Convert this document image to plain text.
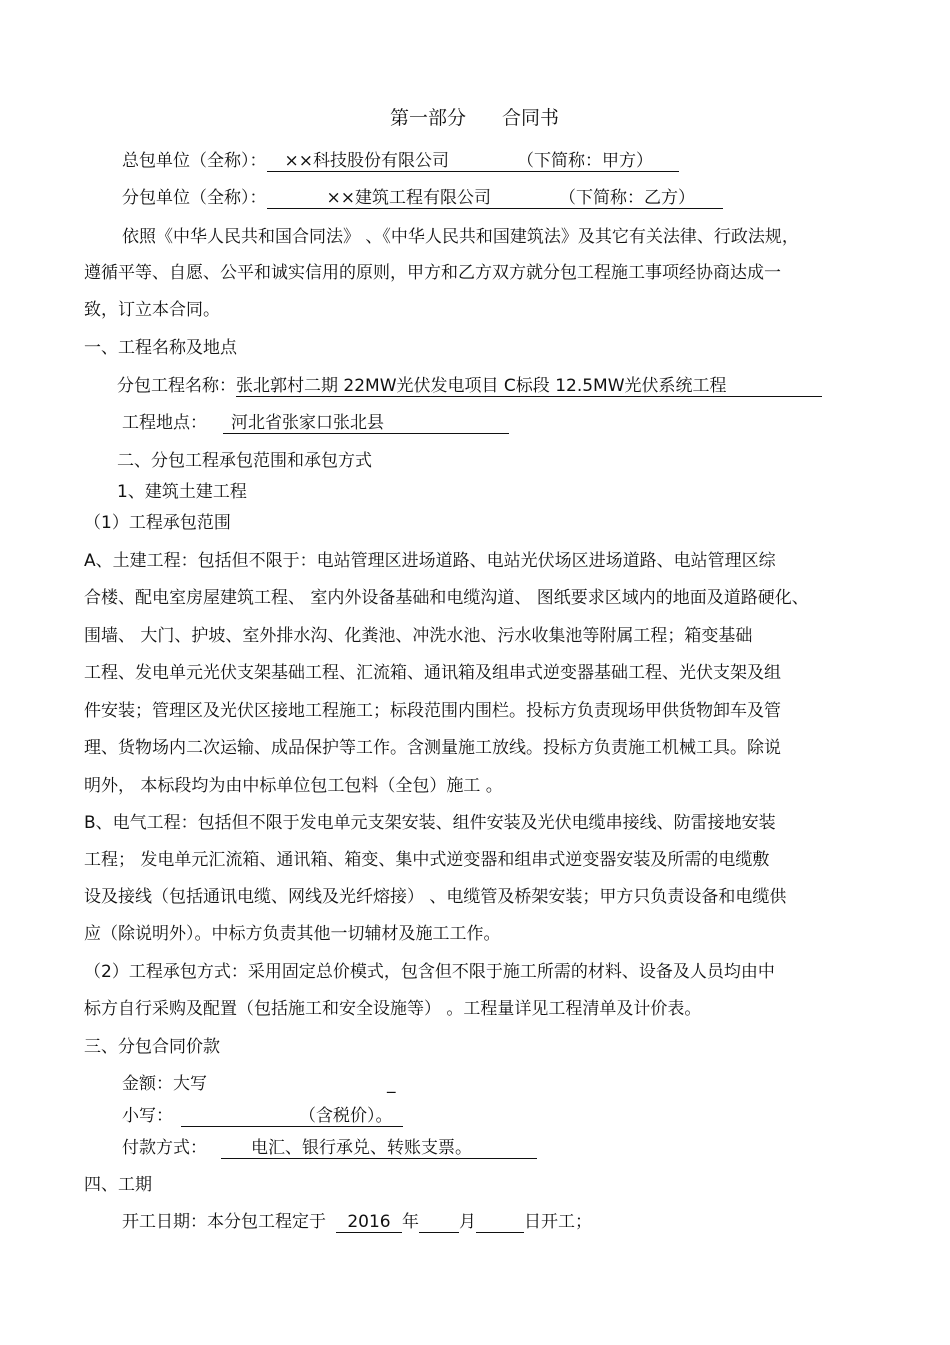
第一部分 合同书
总包单位（全称）： ××科技股份有限公司	（下简称：甲方）
分包单位（全称）：	××建筑工程有限公司	（下简称：乙方）
依照《中华人民共和国合同法》 、《中华人民共和国建筑法》及其它有关法律、行政法规，
遵循平等、自愿、公平和诚实信用的原则，甲方和乙方双方就分包工程施工事项经协商达成一
致，订立本合同。
一、工程名称及地点
分包工程名称：张北郭村二期 22MW光伏发电项目 C标段 12.5MW光伏系统工程
工程地点： 河北省张家口张北县
二、分包工程承包范围和承包方式
1、建筑土建工程
（1）工程承包范围
A、土建工程：包括但不限于：电站管理区进场道路、电站光伏场区进场道路、电站管理区综
合楼、配电室房屋建筑工程、 室内外设备基础和电缆沟道、 图纸要求区域内的地面及道路硬化、
围墙、 大门、护坡、室外排水沟、化粪池、冲洗水池、污水收集池等附属工程；箱变基础
工程、发电单元光伏支架基础工程、汇流箱、通讯箱及组串式逆变器基础工程、光伏支架及组
件安装；管理区及光伏区接地工程施工；标段范围内围栏。投标方负责现场甲供货物卸车及管
理、货物场内二次运输、成品保护等工作。含测量施工放线。投标方负责施工机械工具。除说
明外， 本标段均为由中标单位包工包料（全包）施工 。
B、电气工程：包括但不限于发电单元支架安装、组件安装及光伏电缆串接线、防雷接地安装
工程； 发电单元汇流箱、通讯箱、箱变、集中式逆变器和组串式逆变器安装及所需的电缆敷
设及接线（包括通讯电缆、网线及光纤熔接） 、电缆管及桥架安装；甲方只负责设备和电缆供
应（除说明外）。中标方负责其他一切辅材及施工工作。
（2）工程承包方式：采用固定总价模式，包含但不限于施工所需的材料、设备及人员均由中
标方自行采购及配置（包括施工和安全设施等） 。工程量详见工程清单及计价表。
三、分包合同价款
金额：大写	_
小写：	（含税价）。
付款方式：	电汇、银行承兑、转账支票。
四、工期
开工日期：本分包工程定于 2016 年 月	日开工；
